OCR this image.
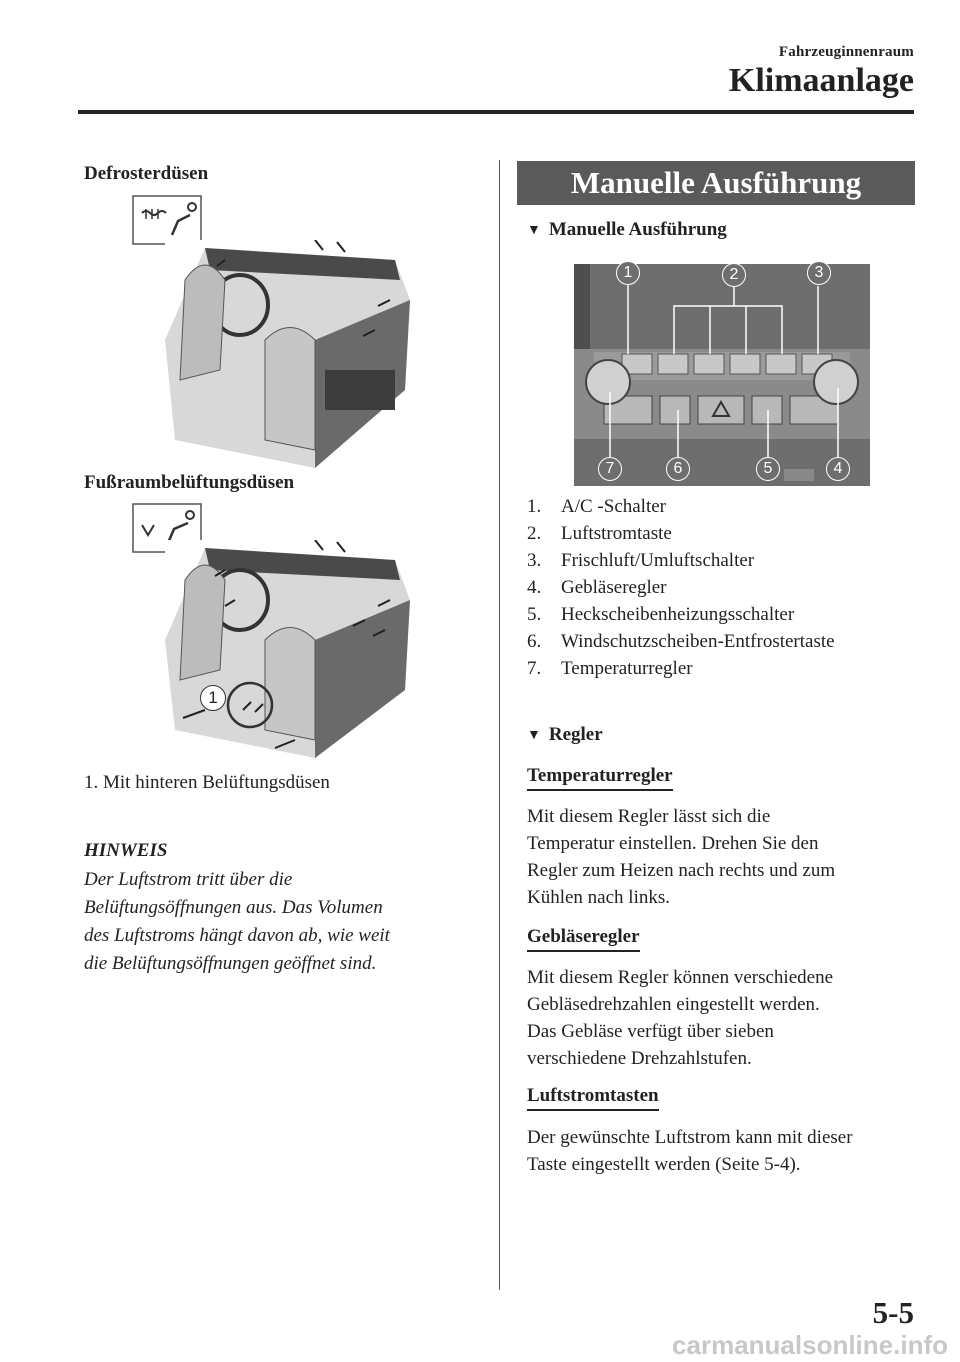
Fahrzeuginnenraum
Klimaanlage
Defrosterdüsen
Fußraumbelüftungsdüsen
1
1. Mit hinteren Belüftungsdüsen
HINWEIS
Der Luftstrom tritt über die
Belüftungsöffnungen aus. Das Volumen
des Luftstroms hängt davon ab, wie weit
die Belüftungsöffnungen geöffnet sind.
Manuelle Ausführung
▼ Manuelle Ausführung
1	2	3
7	6	5	4
1. A/C -Schalter
2. Luftstromtaste
3. Frischluft/Umluftschalter
4. Gebläseregler
5. Heckscheibenheizungsschalter
6. Windschutzscheiben-Entfrostertaste
7. Temperaturregler
▼ Regler
Temperaturregler
Mit diesem Regler lässt sich die
Temperatur einstellen. Drehen Sie den
Regler zum Heizen nach rechts und zum
Kühlen nach links.
Gebläseregler
Mit diesem Regler können verschiedene
Gebläsedrehzahlen eingestellt werden.
Das Gebläse verfügt über sieben
verschiedene Drehzahlstufen.
Luftstromtasten
Der gewünschte Luftstrom kann mit dieser
Taste eingestellt werden (Seite 5-4).
5-5
carmanualsonline.info
